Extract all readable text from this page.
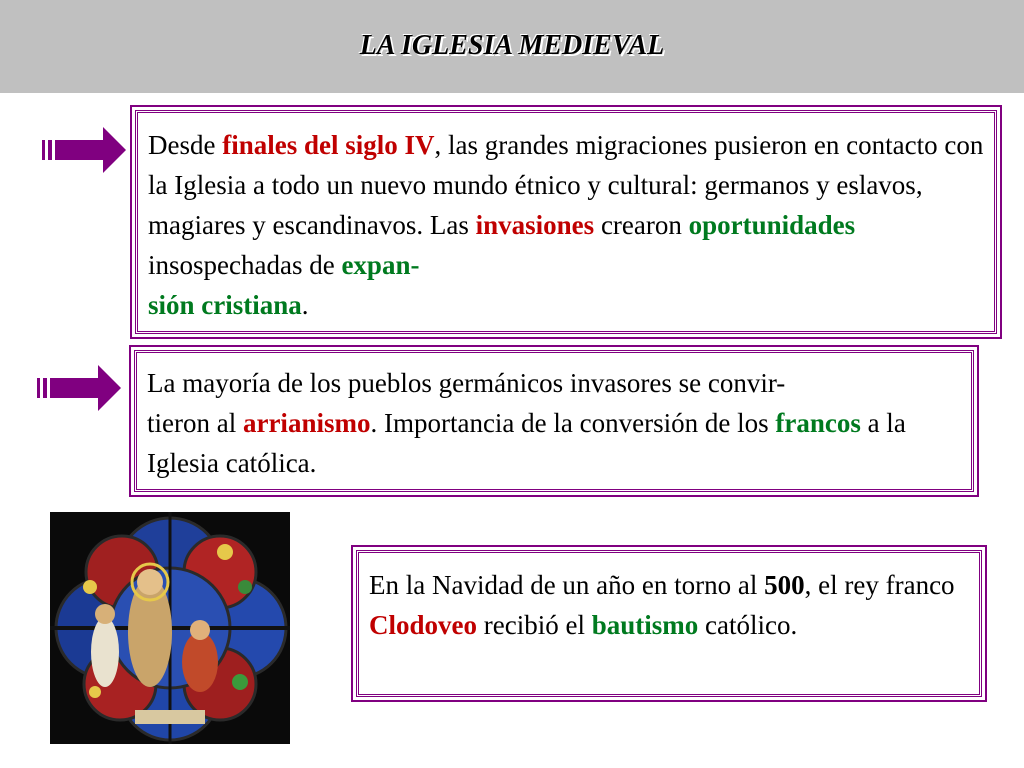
LA IGLESIA MEDIEVAL
Desde finales del siglo IV, las grandes migraciones pusieron en contacto con la Iglesia a todo un nuevo mundo étnico y cultural: germanos y eslavos, magiares y escandinavos. Las invasiones crearon oportunidades insospechadas de expan-
sión cristiana.
La mayoría de los pueblos germánicos invasores se convir-
tieron al arrianismo. Importancia de la conversión de los francos a la Iglesia católica.
En la Navidad de un año en torno al 500, el rey franco Clodoveo recibió el bautismo católico.
